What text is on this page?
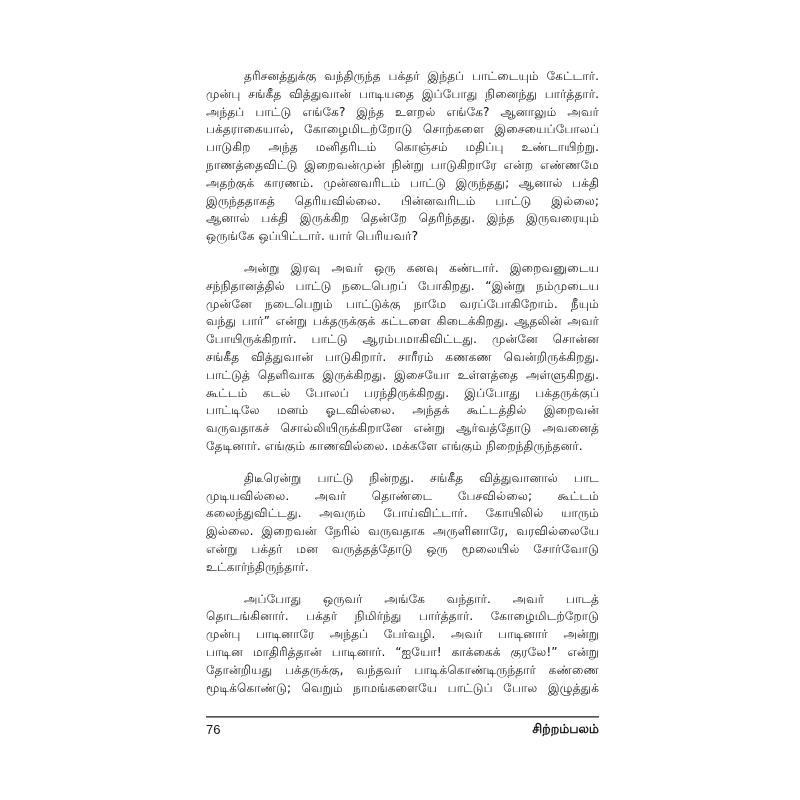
தரிசனத்துக்கு வந்திருந்த பக்தர் இந்தப் பாட்டையும் கேட்டார்.
முன்பு சங்கீத வித்துவான் பாடியதை இப்போது நினைந்து பார்த்தார்.
அந்தப் பாட்டு எங்கே? இந்த உளறல் எங்கே? ஆனாலும் அவர்
பக்தராகையால், கோழைமிடற்றோடு சொற்களை இசையைப்போலப்
பாடுகிற அந்த மனிதரிடம் கொஞ்சம் மதிப்பு உண்டாயிற்று.
நாணத்தைவிட்டு இறைவன்முன் நின்று பாடுகிறாரே என்ற எண்ணமே
அதற்குக் காரணம். முன்னவரிடம் பாட்டு இருந்தது; ஆனால் பக்தி
இருந்ததாகத் தெரியவில்லை. பின்னவரிடம் பாட்டு இல்லை;
ஆனால் பக்தி இருக்கிற தென்றே தெரிந்தது. இந்த இருவரையும்
ஒருங்கே ஒப்பிட்டார். யார் பெரியவர்?
அன்று இரவு அவர் ஒரு கனவு கண்டார். இறைவனுடைய
சந்நிதானத்தில் பாட்டு நடைபெறப் போகிறது. “இன்று நம்முடைய
முன்னே நடைபெறும் பாட்டுக்கு நாமே வரப்போகிறோம். நீயும்
வந்து பார்” என்று பக்தருக்குக் கட்டளை கிடைக்கிறது. ஆதலின் அவர்
போயிருக்கிறார். பாட்டு ஆரம்பமாகிவிட்டது. முன்னே சொன்ன
சங்கீத வித்துவான் பாடுகிறார். சாரீரம் கணகண வென்றிருக்கிறது.
பாட்டுத் தெளிவாக இருக்கிறது. இசையோ உள்ளத்தை அள்ளுகிறது.
கூட்டம் கடல் போலப் பரந்திருக்கிறது. இப்போது பக்தருக்குப்
பாட்டிலே மனம் ஓடவில்லை. அந்தக் கூட்டத்தில் இறைவன்
வருவதாகச் சொல்லியிருக்கிறானே என்று ஆர்வத்தோடு அவனைத்
தேடினார். எங்கும் காணவில்லை. மக்களே எங்கும் நிறைந்திருந்தனர்.
திடீரென்று பாட்டு நின்றது. சங்கீத வித்துவானால் பாட
முடியவில்லை. அவர் தொண்டை பேசவில்லை; கூட்டம்
கலைந்துவிட்டது. அவரும் போய்விட்டார். கோயிலில் யாரும்
இல்லை. இறைவன் நேரில் வருவதாக அருளினாரே, வரவில்லையே
என்று பக்தர் மன வருத்தத்தோடு ஒரு மூலையில் சோர்வோடு
உட்கார்ந்திருந்தார்.
அப்போது ஒருவர் அங்கே வந்தார். அவர் பாடத்
தொடங்கினார். பக்தர் நிமிர்ந்து பார்த்தார். கோழைமிடற்றோடு
முன்பு பாடினாரே அந்தப் பேர்வழி. அவர் பாடினார் அன்று
பாடின மாதிரித்தான் பாடினார். “ஐயோ! காக்கைக் குரலே!” என்று
தோன்றியது பக்தருக்கு, வந்தவர் பாடிக்கொண்டிருந்தார் கண்ணை
மூடிக்கொண்டு; வெறும் நாமங்களையே பாட்டுப் போல இழுத்துக்
76	சிற்றம்பலம்
